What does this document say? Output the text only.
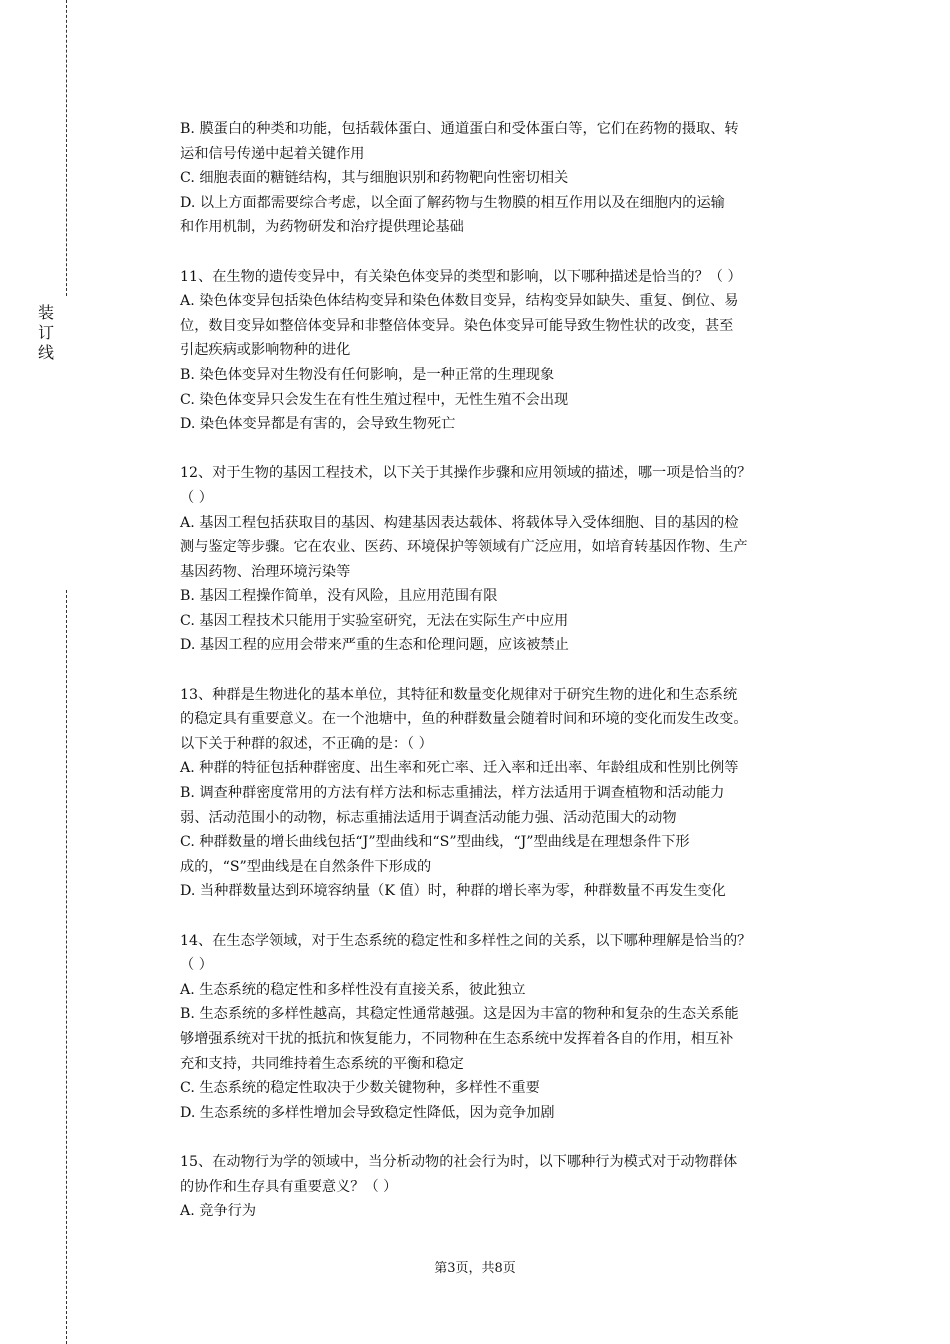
装
订
线

B. 膜蛋白的种类和功能，包括载体蛋白、通道蛋白和受体蛋白等，它们在药物的摄取、转

运和信号传递中起着关键作用

C. 细胞表面的糖链结构，其与细胞识别和药物靶向性密切相关

D. 以上方面都需要综合考虑，以全面了解药物与生物膜的相互作用以及在细胞内的运输

和作用机制，为药物研发和治疗提供理论基础

11、在生物的遗传变异中，有关染色体变异的类型和影响，以下哪种描述是恰当的？（ ）

A. 染色体变异包括染色体结构变异和染色体数目变异，结构变异如缺失、重复、倒位、易

位，数目变异如整倍体变异和非整倍体变异。染色体变异可能导致生物性状的改变，甚至

引起疾病或影响物种的进化

B. 染色体变异对生物没有任何影响，是一种正常的生理现象

C. 染色体变异只会发生在有性生殖过程中，无性生殖不会出现

D. 染色体变异都是有害的，会导致生物死亡

12、对于生物的基因工程技术，以下关于其操作步骤和应用领域的描述，哪一项是恰当的？

（ ）

A. 基因工程包括获取目的基因、构建基因表达载体、将载体导入受体细胞、目的基因的检

测与鉴定等步骤。它在农业、医药、环境保护等领域有广泛应用，如培育转基因作物、生产

基因药物、治理环境污染等

B. 基因工程操作简单，没有风险，且应用范围有限

C. 基因工程技术只能用于实验室研究，无法在实际生产中应用

D. 基因工程的应用会带来严重的生态和伦理问题，应该被禁止

13、种群是生物进化的基本单位，其特征和数量变化规律对于研究生物的进化和生态系统

的稳定具有重要意义。在一个池塘中，鱼的种群数量会随着时间和环境的变化而发生改变。

以下关于种群的叙述，不正确的是：（ ）

A. 种群的特征包括种群密度、出生率和死亡率、迁入率和迁出率、年龄组成和性别比例等

B. 调查种群密度常用的方法有样方法和标志重捕法，样方法适用于调查植物和活动能力

弱、活动范围小的动物，标志重捕法适用于调查活动能力强、活动范围大的动物

C. 种群数量的增长曲线包括“J”型曲线和“S”型曲线，“J”型曲线是在理想条件下形

成的，“S”型曲线是在自然条件下形成的

D. 当种群数量达到环境容纳量（K 值）时，种群的增长率为零，种群数量不再发生变化

14、在生态学领域，对于生态系统的稳定性和多样性之间的关系，以下哪种理解是恰当的？

（ ）

A. 生态系统的稳定性和多样性没有直接关系，彼此独立

B. 生态系统的多样性越高，其稳定性通常越强。这是因为丰富的物种和复杂的生态关系能

够增强系统对干扰的抵抗和恢复能力，不同物种在生态系统中发挥着各自的作用，相互补

充和支持，共同维持着生态系统的平衡和稳定

C. 生态系统的稳定性取决于少数关键物种，多样性不重要

D. 生态系统的多样性增加会导致稳定性降低，因为竞争加剧

15、在动物行为学的领域中，当分析动物的社会行为时，以下哪种行为模式对于动物群体

的协作和生存具有重要意义？（ ）

A. 竞争行为

第3页，共8页
